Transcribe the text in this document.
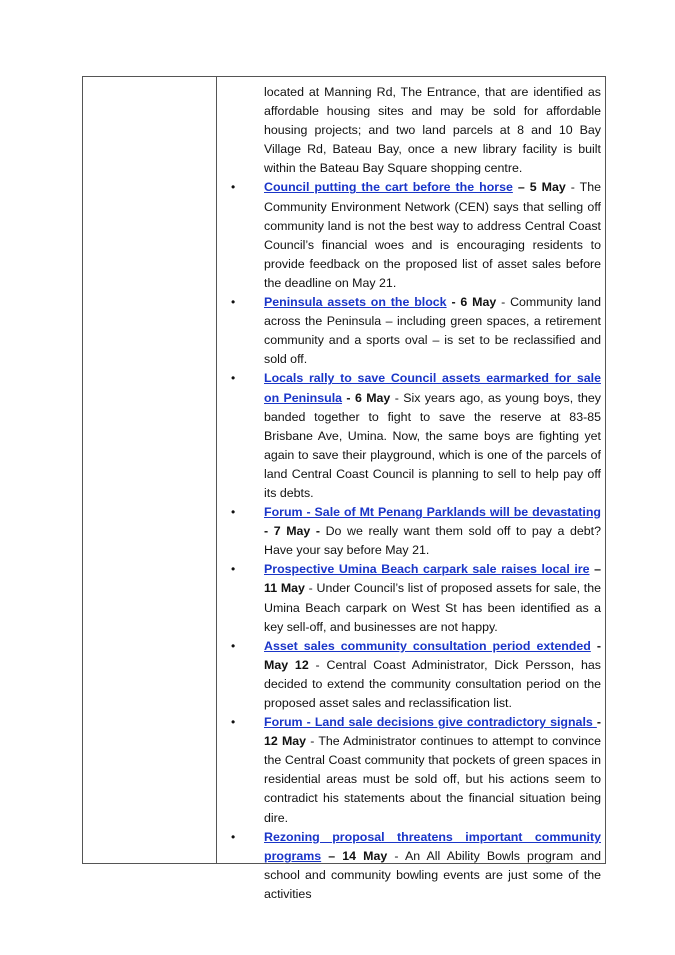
located at Manning Rd, The Entrance, that are identified as affordable housing sites and may be sold for affordable housing projects; and two land parcels at 8 and 10 Bay Village Rd, Bateau Bay, once a new library facility is built within the Bateau Bay Square shopping centre.

• Council putting the cart before the horse – 5 May - The Community Environment Network (CEN) says that selling off community land is not the best way to address Central Coast Council’s financial woes and is encouraging residents to provide feedback on the proposed list of asset sales before the deadline on May 21.
• Peninsula assets on the block - 6 May - Community land across the Peninsula – including green spaces, a retirement community and a sports oval – is set to be reclassified and sold off.
• Locals rally to save Council assets earmarked for sale on Peninsula - 6 May - Six years ago, as young boys, they banded together to fight to save the reserve at 83-85 Brisbane Ave, Umina. Now, the same boys are fighting yet again to save their playground, which is one of the parcels of land Central Coast Council is planning to sell to help pay off its debts.
• Forum - Sale of Mt Penang Parklands will be devastating - 7 May - Do we really want them sold off to pay a debt? Have your say before May 21.
• Prospective Umina Beach carpark sale raises local ire – 11 May - Under Council’s list of proposed assets for sale, the Umina Beach carpark on West St has been identified as a key sell-off, and businesses are not happy.
• Asset sales community consultation period extended - May 12 - Central Coast Administrator, Dick Persson, has decided to extend the community consultation period on the proposed asset sales and reclassification list.
• Forum - Land sale decisions give contradictory signals - 12 May - The Administrator continues to attempt to convince the Central Coast community that pockets of green spaces in residential areas must be sold off, but his actions seem to contradict his statements about the financial situation being dire.
• Rezoning proposal threatens important community programs – 14 May - An All Ability Bowls program and school and community bowling events are just some of the activities
